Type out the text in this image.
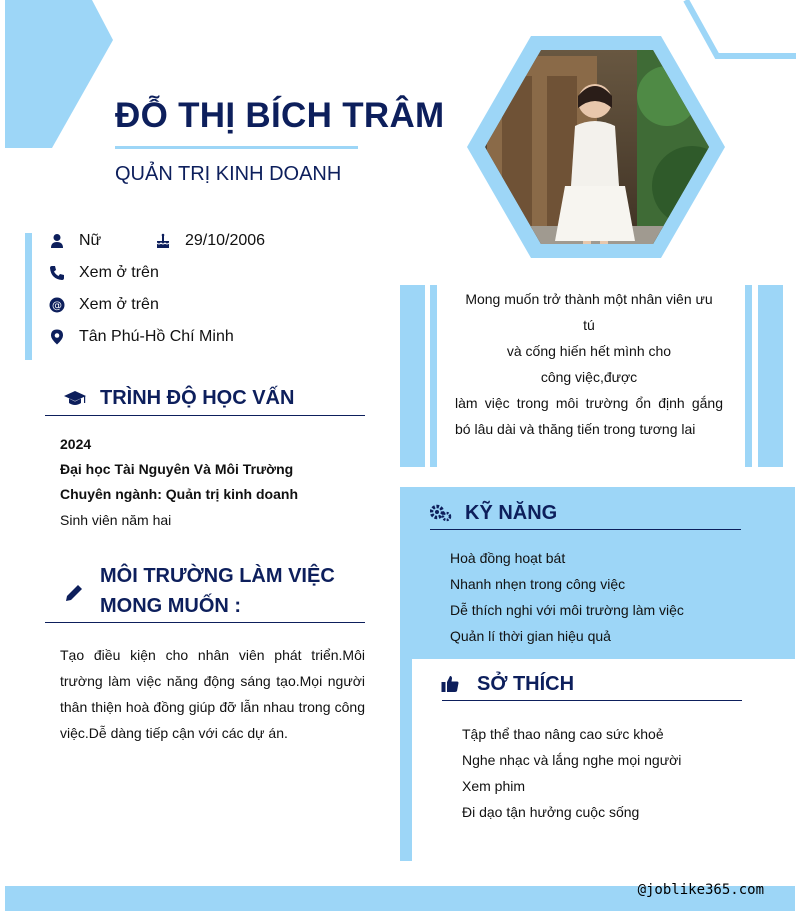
ĐỖ THỊ BÍCH TRÂM
QUẢN TRỊ KINH DOANH
Nữ	29/10/2006
Xem ở trên
@ Xem ở trên
Tân Phú-Hồ Chí Minh
TRÌNH ĐỘ HỌC VẤN

2024

Đại học Tài Nguyên Và Môi Trường

Chuyên ngành: Quản trị kinh doanh

Sinh viên năm hai

MÔI TRƯỜNG LÀM VIỆC
MONG MUỐN :
Tạo điều kiện cho nhân viên phát triển.Môi trường làm việc năng động sáng tạo.Mọi người thân thiện hoà đồng giúp đỡ lẫn nhau trong công việc.Dễ dàng tiếp cận với các dự án.
Mong muốn trở thành một nhân viên ưu tú
và cống hiến hết mình cho công việc,được
làm việc trong môi trường ổn định gắng
bó lâu dài và thăng tiến trong tương lai
KỸ NĂNG

Hoà đồng hoạt bát

Nhanh nhẹn trong công việc

Dễ thích nghi với môi trường làm việc

Quản lí thời gian hiệu quả

SỞ THÍCH

Tập thể thao nâng cao sức khoẻ

Nghe nhạc và lắng nghe mọi người

Xem phim

Đi dạo tận hưởng cuộc sống

@joblike365.com
